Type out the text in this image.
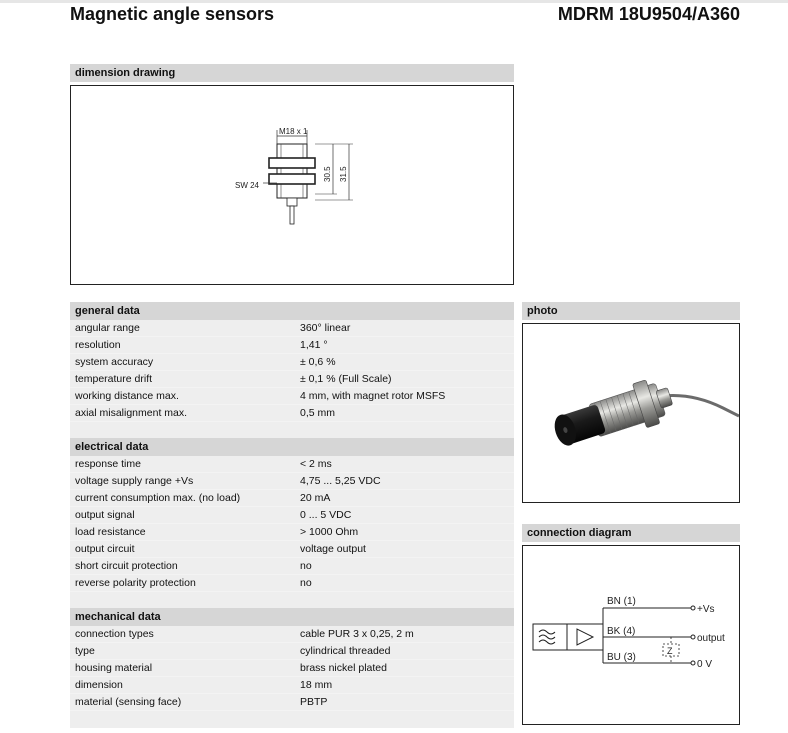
Magnetic angle sensors	MDRM 18U9504/A360
dimension drawing
M18 x 1
SW 24
30.5 31.5
general data
angular range	360° linear
resolution	1,41 °
system accuracy	± 0,6 %
temperature drift	± 0,1 % (Full Scale)
working distance max.	4 mm, with magnet rotor MSFS
axial misalignment max.	0,5 mm
electrical data
response time	< 2 ms
voltage supply range +Vs	4,75 ... 5,25 VDC
current consumption max. (no load)	20 mA
output signal	0 ... 5 VDC
load resistance	> 1000 Ohm
output circuit	voltage output
short circuit protection	no
reverse polarity protection	no
mechanical data
connection types	cable PUR 3 x 0,25, 2 m
type	cylindrical threaded
housing material	brass nickel plated
dimension	18 mm
material (sensing face)	PBTP
photo
connection diagram
BN (1)
+Vs
BK (4)
output
BU (3)
0 V
Z
